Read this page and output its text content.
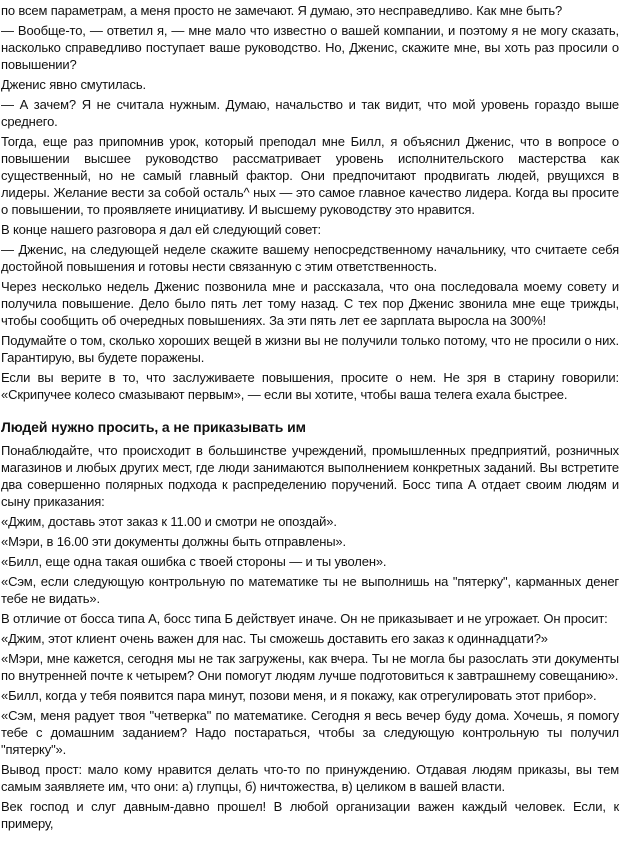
по всем параметрам, а меня просто не замечают. Я думаю, это несправедливо. Как мне быть?

— Вообще-то, — ответил я, — мне мало что известно о вашей компании, и поэтому я не могу сказать, насколько справедливо поступает ваше руководство. Но, Дженис, скажите мне, вы хоть раз просили о повышении?

Дженис явно смутилась.

— А зачем? Я не считала нужным. Думаю, начальство и так видит, что мой уровень гораздо выше среднего.

Тогда, еще раз припомнив урок, который преподал мне Билл, я объяснил Дженис, что в вопросе о повышении высшее руководство рассматривает уровень исполнительского мастерства как существенный, но не самый главный фактор. Они предпочитают продвигать людей, рвущихся в лидеры. Желание вести за собой осталь^ ных — это самое главное качество лидера. Когда вы просите о повышении, то проявляете инициативу. И высшему руководству это нравится.

В конце нашего разговора я дал ей следующий совет:

— Дженис, на следующей неделе скажите вашему непосредственному начальнику, что считаете себя достойной повышения и готовы нести связанную с этим ответственность.

Через несколько недель Дженис позвонила мне и рассказала, что она последовала моему совету и получила повышение. Дело было пять лет тому назад. С тех пор Дженис звонила мне еще трижды, чтобы сообщить об очередных повышениях. За эти пять лет ее зарплата выросла на 300%!

Подумайте о том, сколько хороших вещей в жизни вы не получили только потому, что не просили о них. Гарантирую, вы будете поражены.

Если вы верите в то, что заслуживаете повышения, просите о нем. Не зря в старину говорили: «Скрипучее колесо смазывают первым», — если вы хотите, чтобы ваша телега ехала быстрее.

Людей нужно просить, а не приказывать им

Понаблюдайте, что происходит в большинстве учреждений, промышленных предприятий, розничных магазинов и любых других мест, где люди занимаются выполнением конкретных заданий. Вы встретите два совершенно полярных подхода к распределению поручений. Босс типа А отдает своим людям и сыну приказания:

«Джим, доставь этот заказ к 11.00 и смотри не опоздай».

«Мэри, в 16.00 эти документы должны быть отправлены».

«Билл, еще одна такая ошибка с твоей стороны — и ты уволен».

«Сэм, если следующую контрольную по математике ты не выполнишь на "пятерку", карманных денег тебе не видать».

В отличие от босса типа А, босс типа Б действует иначе. Он не приказывает и не угрожает. Он просит:

«Джим, этот клиент очень важен для нас. Ты сможешь доставить его заказ к одиннадцати?»

«Мэри, мне кажется, сегодня мы не так загружены, как вчера. Ты не могла бы разослать эти документы по внутренней почте к четырем? Они помогут людям лучше подготовиться к завтрашнему совещанию».

«Билл, когда у тебя появится пара минут, позови меня, и я покажу, как отрегулировать этот прибор».

«Сэм, меня радует твоя "четверка" по математике. Сегодня я весь вечер буду дома. Хочешь, я помогу тебе с домашним заданием? Надо постараться, чтобы за следующую контрольную ты получил "пятерку"».

Вывод прост: мало кому нравится делать что-то по принуждению. Отдавая людям приказы, вы тем самым заявляете им, что они: а) глупцы, б) ничтожества, в) целиком в вашей власти.

Век господ и слуг давным-давно прошел! В любой организации важен каждый человек. Если, к примеру,
